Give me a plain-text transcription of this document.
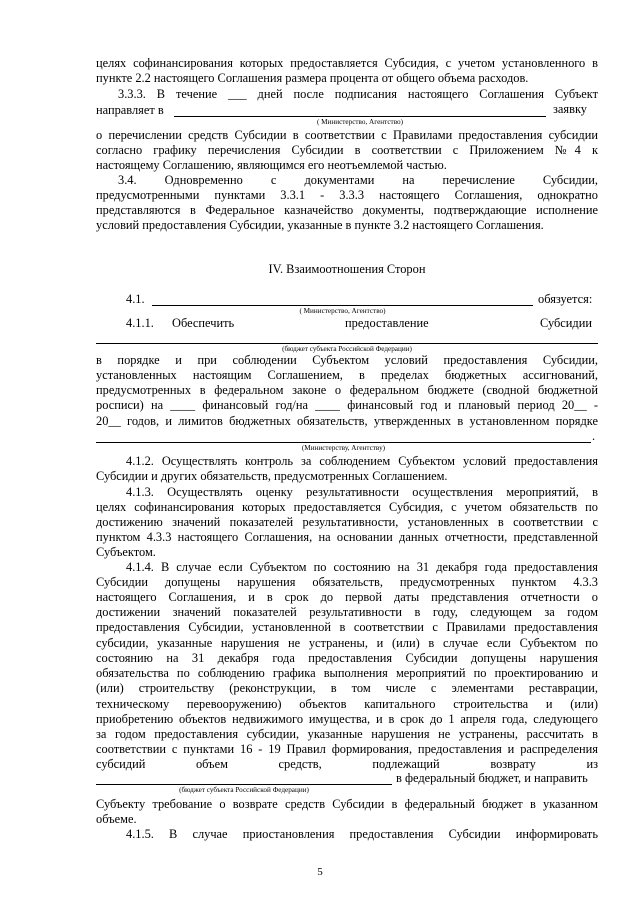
целях софинансирования которых предоставляется Субсидия, с учетом установленного в
пункте 2.2 настоящего Соглашения размера процента от общего объема расходов.
3.3.3. В течение ___ дней после подписания настоящего Соглашения Субъект
направляет в	заявку
( Министерство, Агентство)
о перечислении средств Субсидии в соответствии с Правилами предоставления субсидии
согласно графику перечисления Субсидии в соответствии с Приложением №4 к
настоящему Соглашению, являющимся его неотъемлемой частью.
3.4. Одновременно с документами на перечисление Субсидии,
предусмотренными пунктами 3.3.1 - 3.3.3 настоящего Соглашения, однократно
представляются в Федеральное казначейство документы, подтверждающие исполнение
условий предоставления Субсидии, указанные в пункте 3.2 настоящего Соглашения.
IV. Взаимоотношения Сторон
4.1.	обязуется:
( Министерство, Агентство)
4.1.1. Обеспечить	предоставление	Субсидии
(бюджет субъекта Российской Федерации)
в порядке и при соблюдении Субъектом условий предоставления Субсидии,
установленных настоящим Соглашением, в пределах бюджетных ассигнований,
предусмотренных в федеральном законе о федеральном бюджете (сводной бюджетной
росписи) на ____ финансовый год/на ____ финансовый год и плановый период 20__ -
20__ годов, и лимитов бюджетных обязательств, утвержденных в установленном порядке
.
(Министерству, Агентству)
4.1.2. Осуществлять контроль за соблюдением Субъектом условий предоставления
Субсидии и других обязательств, предусмотренных Соглашением.
4.1.3. Осуществлять оценку результативности осуществления мероприятий, в
целях софинансирования которых предоставляется Субсидия, с учетом обязательств по
достижению значений показателей результативности, установленных в соответствии с
пунктом 4.3.3 настоящего Соглашения, на основании данных отчетности, представленной
Субъектом.
4.1.4. В случае если Субъектом по состоянию на 31 декабря года предоставления
Субсидии допущены нарушения обязательств, предусмотренных пунктом 4.3.3
настоящего Соглашения, и в срок до первой даты представления отчетности о
достижении значений показателей результативности в году, следующем за годом
предоставления Субсидии, установленной в соответствии с Правилами предоставления
субсидии, указанные нарушения не устранены, и (или) в случае если Субъектом по
состоянию на 31 декабря года предоставления Субсидии допущены нарушения
обязательства по соблюдению графика выполнения мероприятий по проектированию и
(или) строительству (реконструкции, в том числе с элементами реставрации,
техническому перевооружению) объектов капитального строительства и (или)
приобретению объектов недвижимого имущества, и в срок до 1 апреля года, следующего
за годом предоставления субсидии, указанные нарушения не устранены, рассчитать в
соответствии с пунктами 16 - 19 Правил формирования, предоставления и распределения
субсидий объем средств, подлежащий возврату из
в федеральный бюджет, и направить
(бюджет субъекта Российской Федерации)
Субъекту требование о возврате средств Субсидии в федеральный бюджет в указанном
объеме.
4.1.5. В случае приостановления предоставления Субсидии информировать
5
